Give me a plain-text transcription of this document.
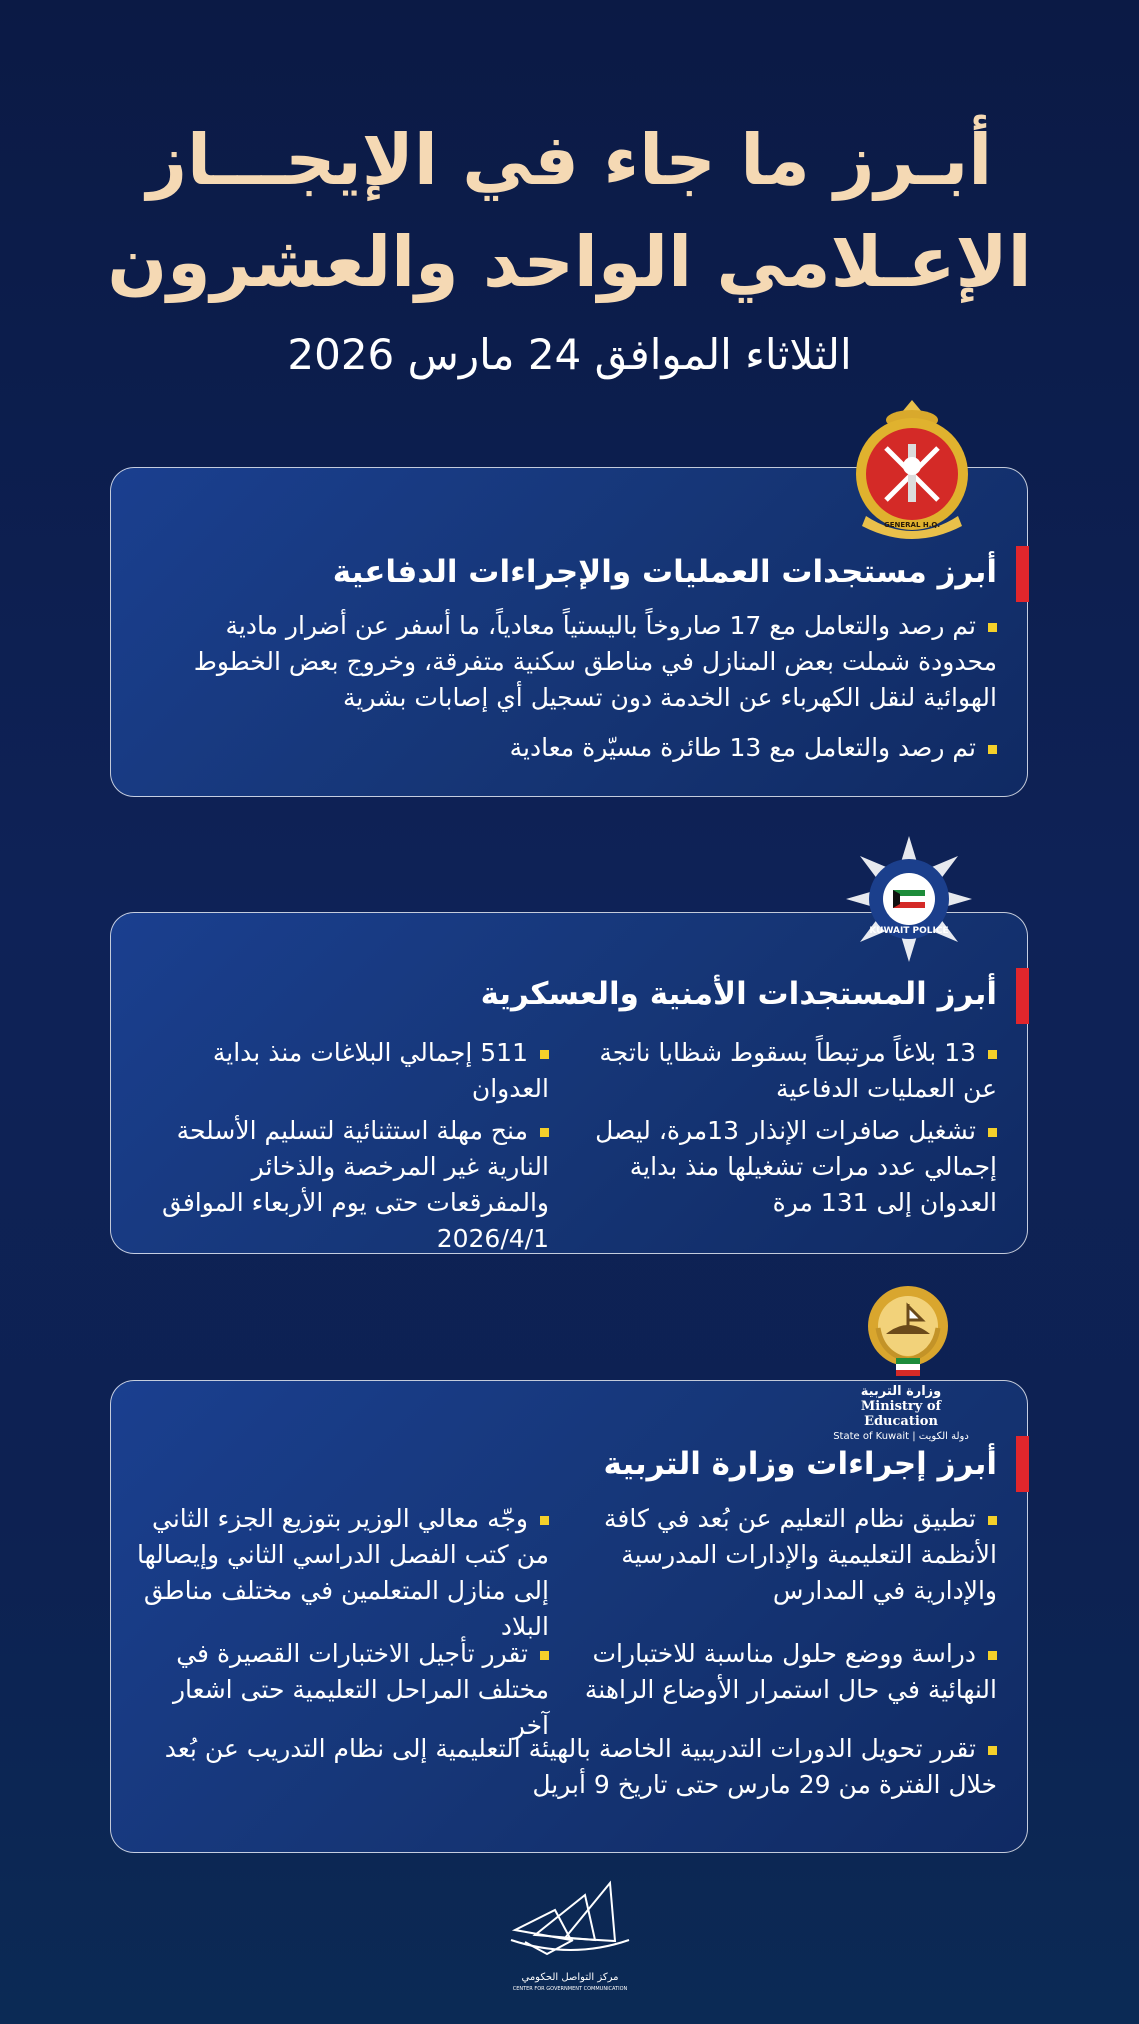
أبـرز ما جاء في الإيجـــاز
الإعـلامي الواحد والعشرون
الثلاثاء الموافق 24 مارس 2026
أبرز مستجدات العمليات والإجراءات الدفاعية
تم رصد والتعامل مع 17 صاروخاً باليستياً معادياً، ما أسفر عن أضرار مادية محدودة شملت بعض المنازل في مناطق سكنية متفرقة، وخروج بعض الخطوط الهوائية لنقل الكهرباء عن الخدمة دون تسجيل أي إصابات بشرية
تم رصد والتعامل مع 13 طائرة مسيّرة معادية
GENERAL H.Q.
أبرز المستجدات الأمنية والعسكرية
13 بلاغاً مرتبطاً بسقوط شظايا ناتجة عن العمليات الدفاعية
تشغيل صافرات الإنذار 13مرة، ليصل إجمالي عدد مرات تشغيلها منذ بداية العدوان إلى 131 مرة
511 إجمالي البلاغات منذ بداية العدوان
منح مهلة استثنائية لتسليم الأسلحة النارية غير المرخصة والذخائر والمفرقعات حتى يوم الأربعاء الموافق 2026/4/1
KUWAIT POLICE
أبرز إجراءات وزارة التربية
تطبيق نظام التعليم عن بُعد في كافة الأنظمة التعليمية والإدارات المدرسية والإدارية في المدارس
دراسة ووضع حلول مناسبة للاختبارات النهائية في حال استمرار الأوضاع الراهنة
وجّه معالي الوزير بتوزيع الجزء الثاني من كتب الفصل الدراسي الثاني وإيصالها إلى منازل المتعلمين في مختلف مناطق البلاد
تقرر تأجيل الاختبارات القصيرة في مختلف المراحل التعليمية حتى اشعار آخر
تقرر تحويل الدورات التدريبية الخاصة بالهيئة التعليمية إلى نظام التدريب عن بُعد خلال الفترة من 29 مارس حتى تاريخ 9 أبريل
وزارة التربية
Ministry of Education
State of Kuwait | دولة الكويت
مركز التواصل الحكومي
CENTER FOR GOVERNMENT COMMUNICATION
